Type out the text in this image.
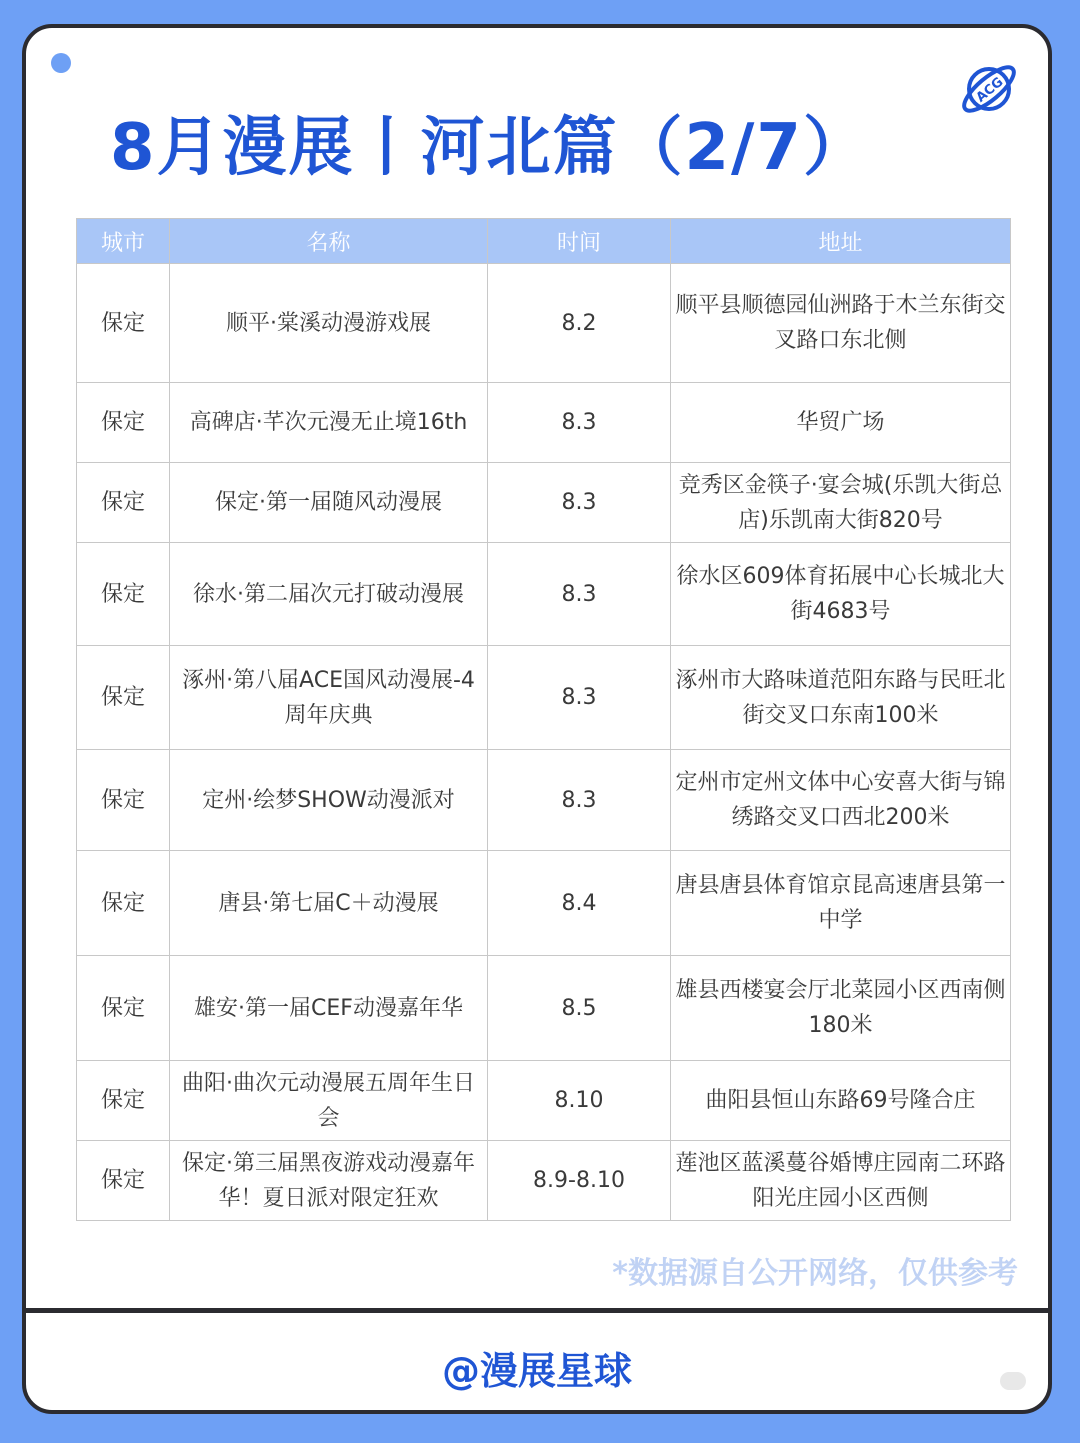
ACG
8月漫展丨河北篇（2/7）
城市	名称	时间	地址
保定	顺平·棠溪动漫游戏展	8.2	顺平县顺德园仙洲路于木兰东街交叉路口东北侧
保定	高碑店·芊次元漫无止境16th	8.3	华贸广场
保定	保定·第一届随风动漫展	8.3	竞秀区金筷子·宴会城(乐凯大街总店)乐凯南大街820号
保定	徐水·第二届次元打破动漫展	8.3	徐水区609体育拓展中心长城北大街4683号
保定	涿州·第八届ACE国风动漫展-4周年庆典	8.3	涿州市大路味道范阳东路与民旺北街交叉口东南100米
保定	定州·绘梦SHOW动漫派对	8.3	定州市定州文体中心安喜大街与锦绣路交叉口西北200米
保定	唐县·第七届C＋动漫展	8.4	唐县唐县体育馆京昆高速唐县第一中学
保定	雄安·第一届CEF动漫嘉年华	8.5	雄县西楼宴会厅北菜园小区西南侧180米
保定	曲阳·曲次元动漫展五周年生日会	8.10	曲阳县恒山东路69号隆合庄
保定	保定·第三届黑夜游戏动漫嘉年华！夏日派对限定狂欢	8.9-8.10	莲池区蓝溪蔓谷婚博庄园南二环路阳光庄园小区西侧
*数据源自公开网络，仅供参考
@漫展星球
